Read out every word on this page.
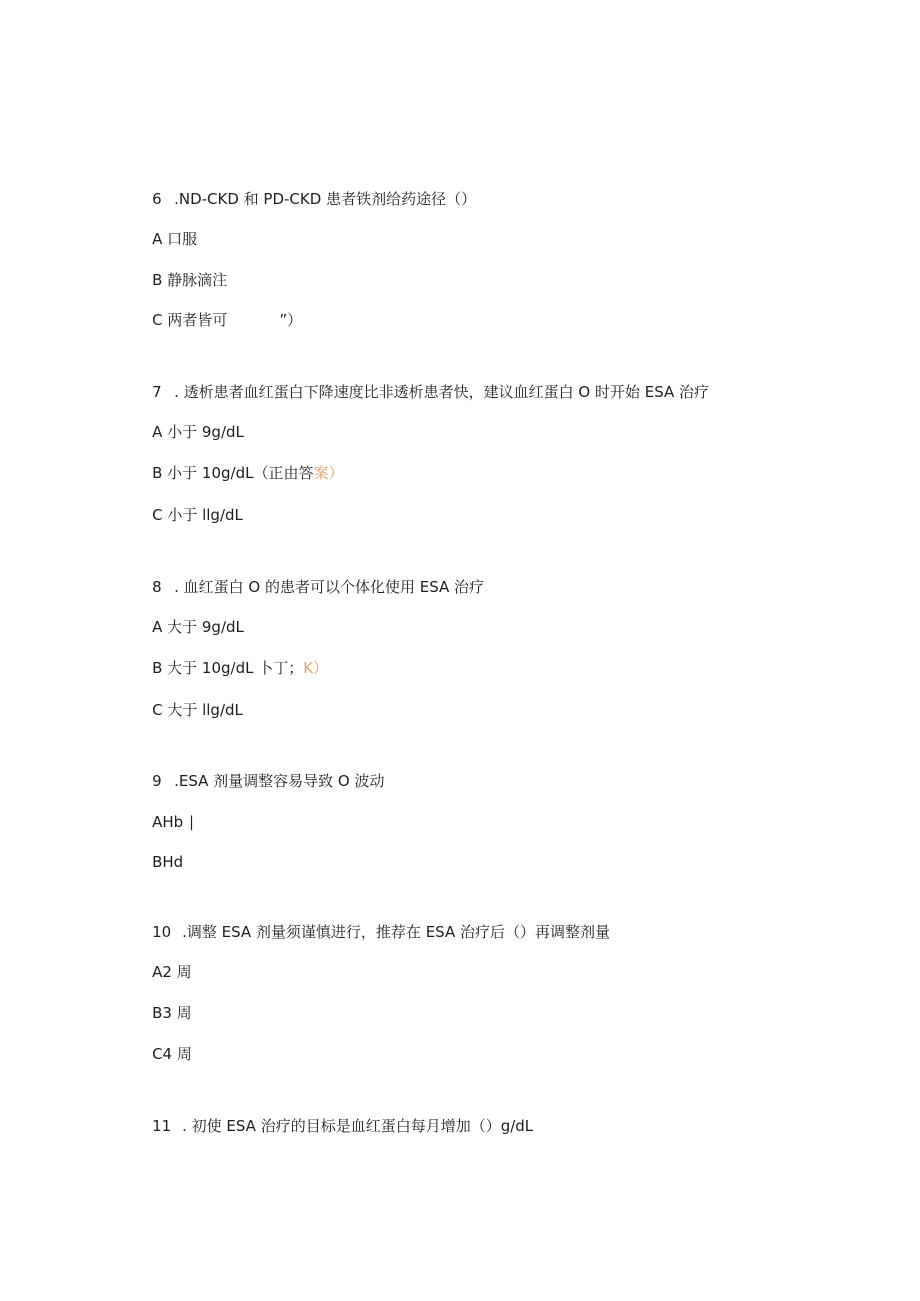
6 .ND-CKD 和 PD-CKD 患者铁剂给药途径（）

A 口服

B 静脉滴注

C 两者皆可	”）

7 . 透析患者血红蛋白下降速度比非透析患者快，建议血红蛋白 O 时开始 ESA 治疗

A 小于 9g∕dL

B 小于 10g∕dL（正由答案）

C 小于 llg/dL

8 . 血红蛋白 O 的患者可以个体化使用 ESA 治疗

A 大于 9g∕dL

B 大于 10g∕dL 卜丁；K）

C 大于 llg/dL

9 .ESA 剂量调整容易导致 O 波动

AHb ∣

BHd

10 .调整 ESA 剂量须谨慎进行，推荐在 ESA 治疗后（）再调整剂量

A2 周

B3 周

C4 周

11 . 初使 ESA 治疗的目标是血红蛋白每月增加（）g/dL
